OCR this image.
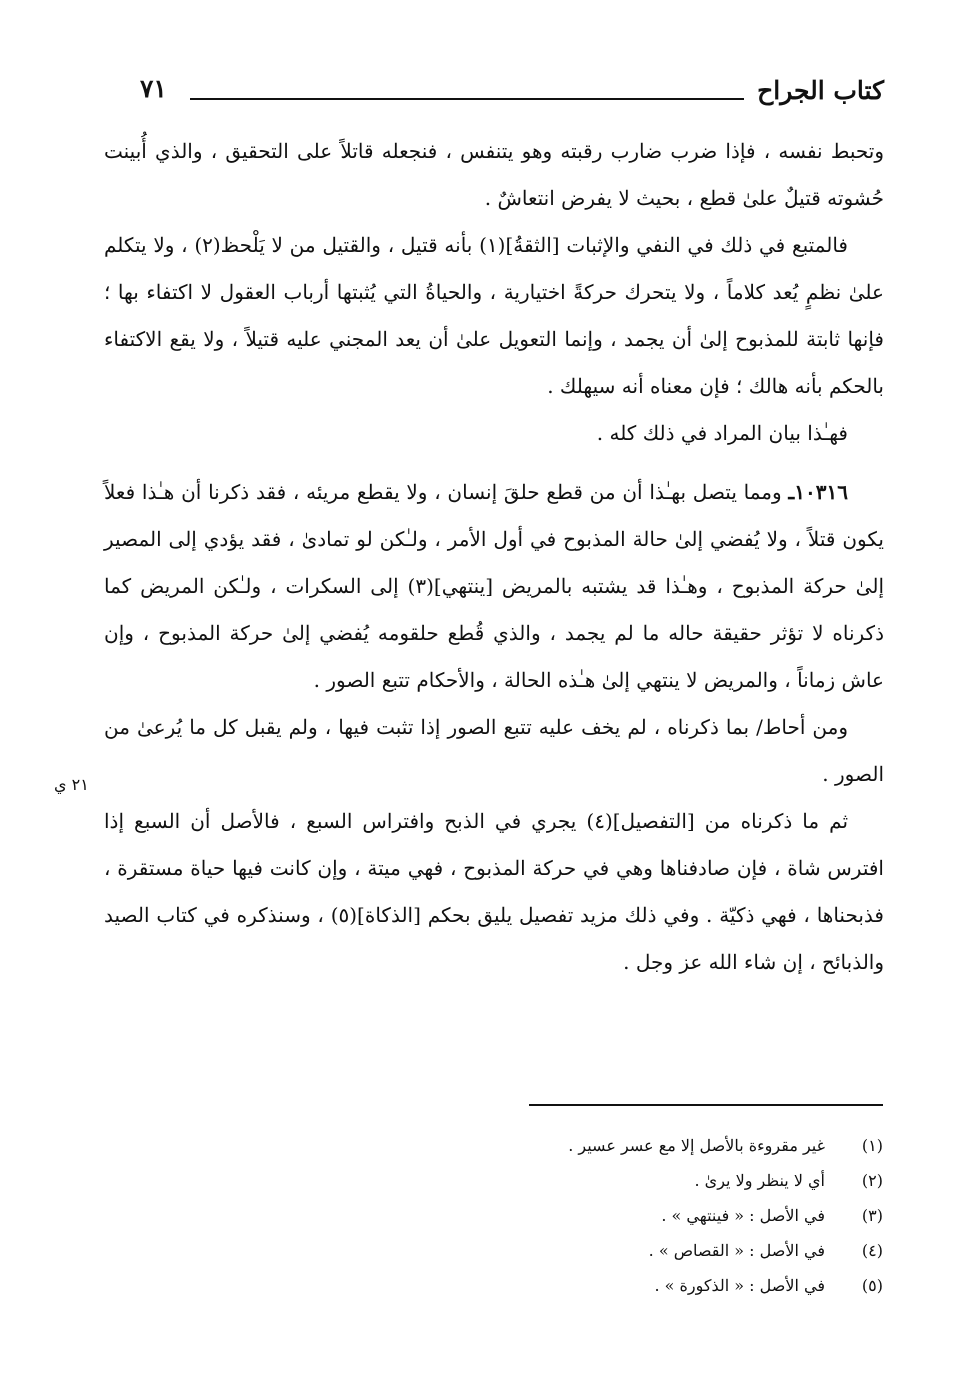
كتاب الجراح
٧١

وتحبط نفسه ، فإذا ضرب ضارب رقبته وهو يتنفس ، فنجعله قاتلاً على التحقيق ، والذي أُبينت حُشوته قتيلٌ علىٰ قطع ، بحيث لا يفرض انتعاشٌ .

فالمتبع في ذلك في النفي والإثبات [الثقةُ](١) بأنه قتيل ، والقتيل من لا يَلْحظ(٢) ، ولا يتكلم علىٰ نظمٍ يُعد كلاماً ، ولا يتحرك حركةً اختيارية ، والحياةُ التي يُثبتها أرباب العقول لا اكتفاء بها ؛ فإنها ثابتة للمذبوح إلىٰ أن يجمد ، وإنما التعويل علىٰ أن يعد المجني عليه قتيلاً ، ولا يقع الاكتفاء بالحكم بأنه هالك ؛ فإن معناه أنه سيهلك .

فهـٰذا بيان المراد في ذلك كله .

١٠٣١٦ـ ومما يتصل بهـٰذا أن من قطع حلقَ إنسان ، ولا يقطع مريئه ، فقد ذكرنا أن هـٰذا فعلاً يكون قتلاً ، ولا يُفضي إلىٰ حالة المذبوح في أول الأمر ، ولـٰكن لو تمادىٰ ، فقد يؤدي إلى المصير إلىٰ حركة المذبوح ، وهـٰذا قد يشتبه بالمريض [ينتهي](٣) إلى السكرات ، ولـٰكن المريض كما ذكرناه لا تؤثر حقيقة حاله ما لم يجمد ، والذي قُطع حلقومه يُفضي إلىٰ حركة المذبوح ، وإن عاش زماناً ، والمريض لا ينتهي إلىٰ هـٰذه الحالة ، والأحكام تتبع الصور .

ومن أحاط/ بما ذكرناه ، لم يخف عليه تتبع الصور إذا تثبت فيها ، ولم يقبل كل ما يُرعىٰ من الصور .

ثم ما ذكرناه من [التفصيل](٤) يجري في الذبح وافتراس السبع ، فالأصل أن السبع إذا افترس شاة ، فإن صادفناها وهي في حركة المذبوح ، فهي ميتة ، وإن كانت فيها حياة مستقرة ، فذبحناها ، فهي ذكيّة . وفي ذلك مزيد تفصيل يليق بحكم [الذكاة](٥) ، وسنذكره في كتاب الصيد والذبائح ، إن شاء الله عز وجل .

٢١ ي
(١)
غير مقروءة بالأصل إلا مع عسر عسير .
(٢)
أي لا ينظر ولا يرىٰ .
(٣)
في الأصل : « فينتهي » .
(٤)
في الأصل : « القصاص » .
(٥)
في الأصل : « الذكورة » .
